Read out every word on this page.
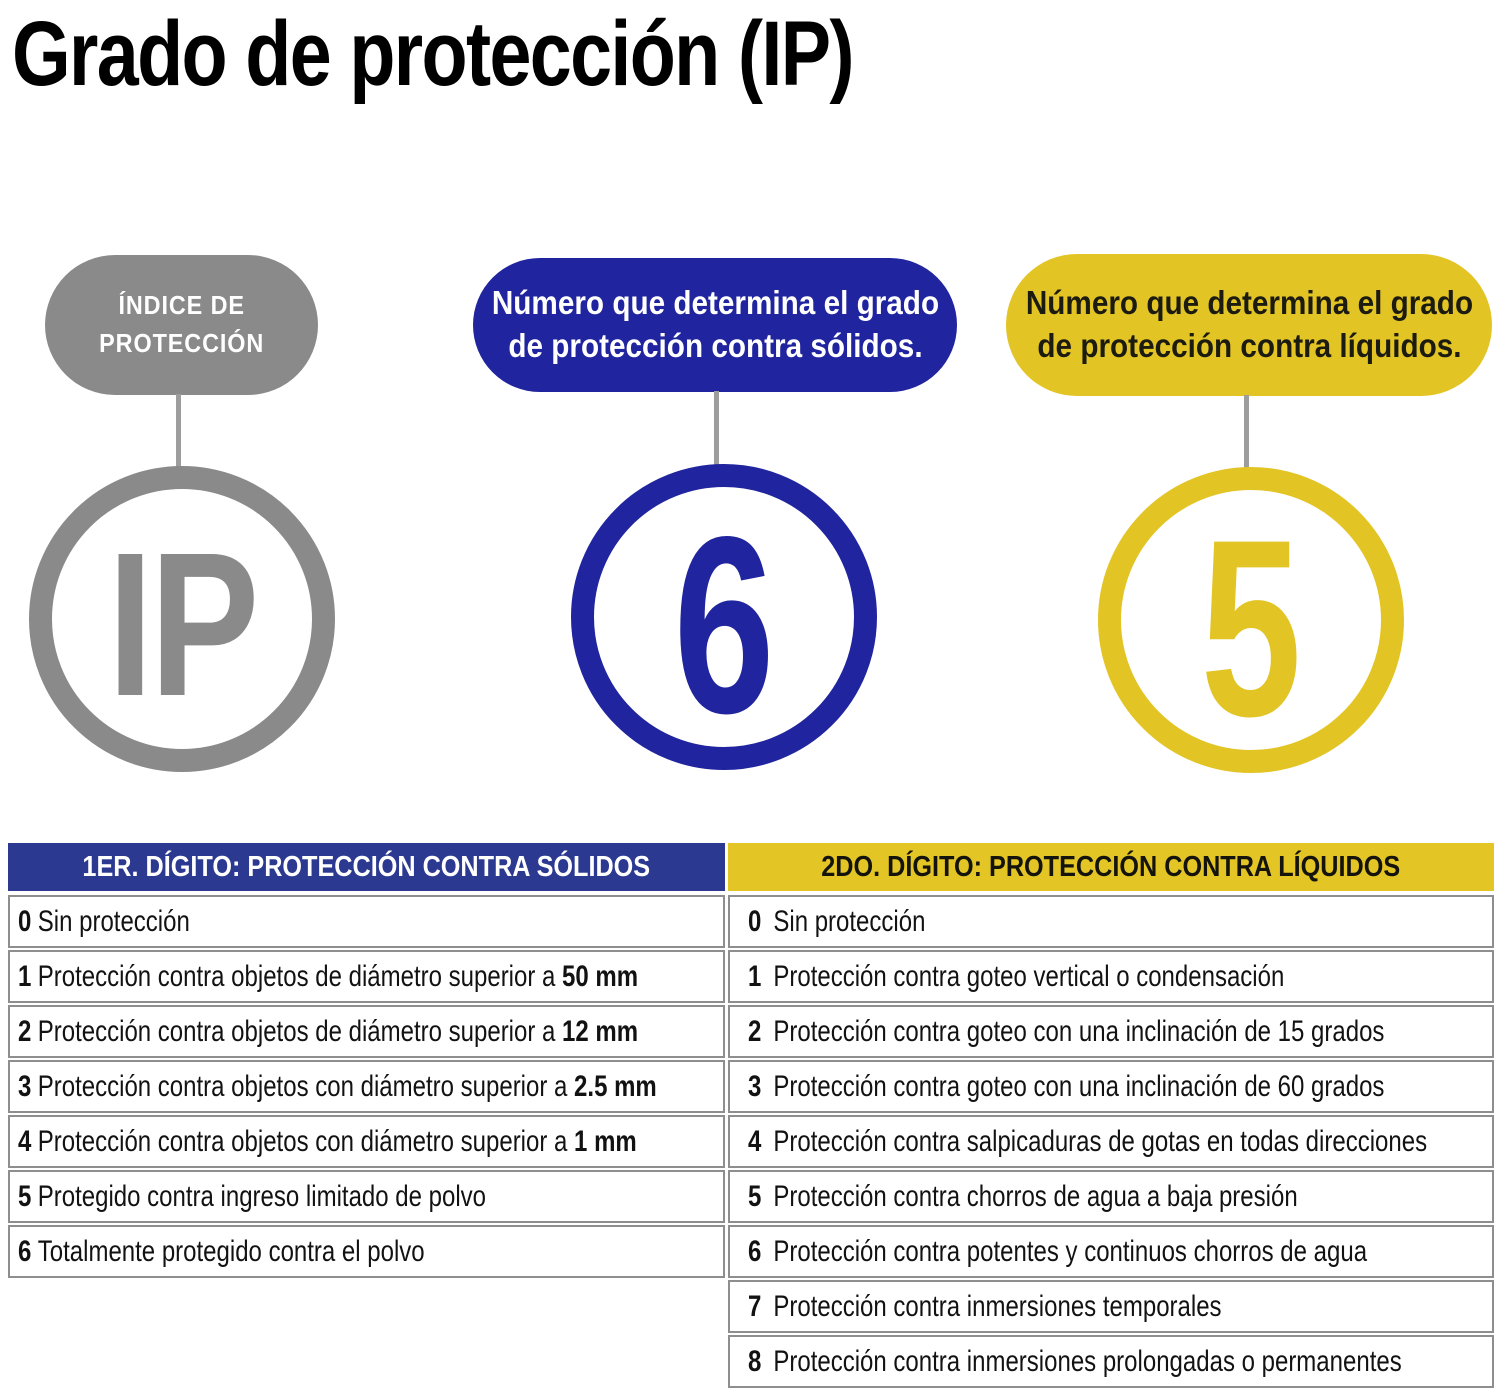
Grado de protección (IP)
ÍNDICE DE
PROTECCIÓN
Número que determina el grado
de protección contra sólidos.
Número que determina el grado
de protección contra líquidos.
IP 6 5
1ER. DÍGITO: PROTECCIÓN CONTRA SÓLIDOS
0 Sin protección
1 Protección contra objetos de diámetro superior a 50 mm
2 Protección contra objetos de diámetro superior a 12 mm
3 Protección contra objetos con diámetro superior a 2.5 mm
4 Protección contra objetos con diámetro superior a 1 mm
5 Protegido contra ingreso limitado de polvo
6 Totalmente protegido contra el polvo
2DO. DÍGITO: PROTECCIÓN CONTRA LÍQUIDOS
0 Sin protección
1 Protección contra goteo vertical o condensación
2 Protección contra goteo con una inclinación de 15 grados
3 Protección contra goteo con una inclinación de 60 grados
4 Protección contra salpicaduras de gotas en todas direcciones
5 Protección contra chorros de agua a baja presión
6 Protección contra potentes y continuos chorros de agua
7 Protección contra inmersiones temporales
8 Protección contra inmersiones prolongadas o permanentes
